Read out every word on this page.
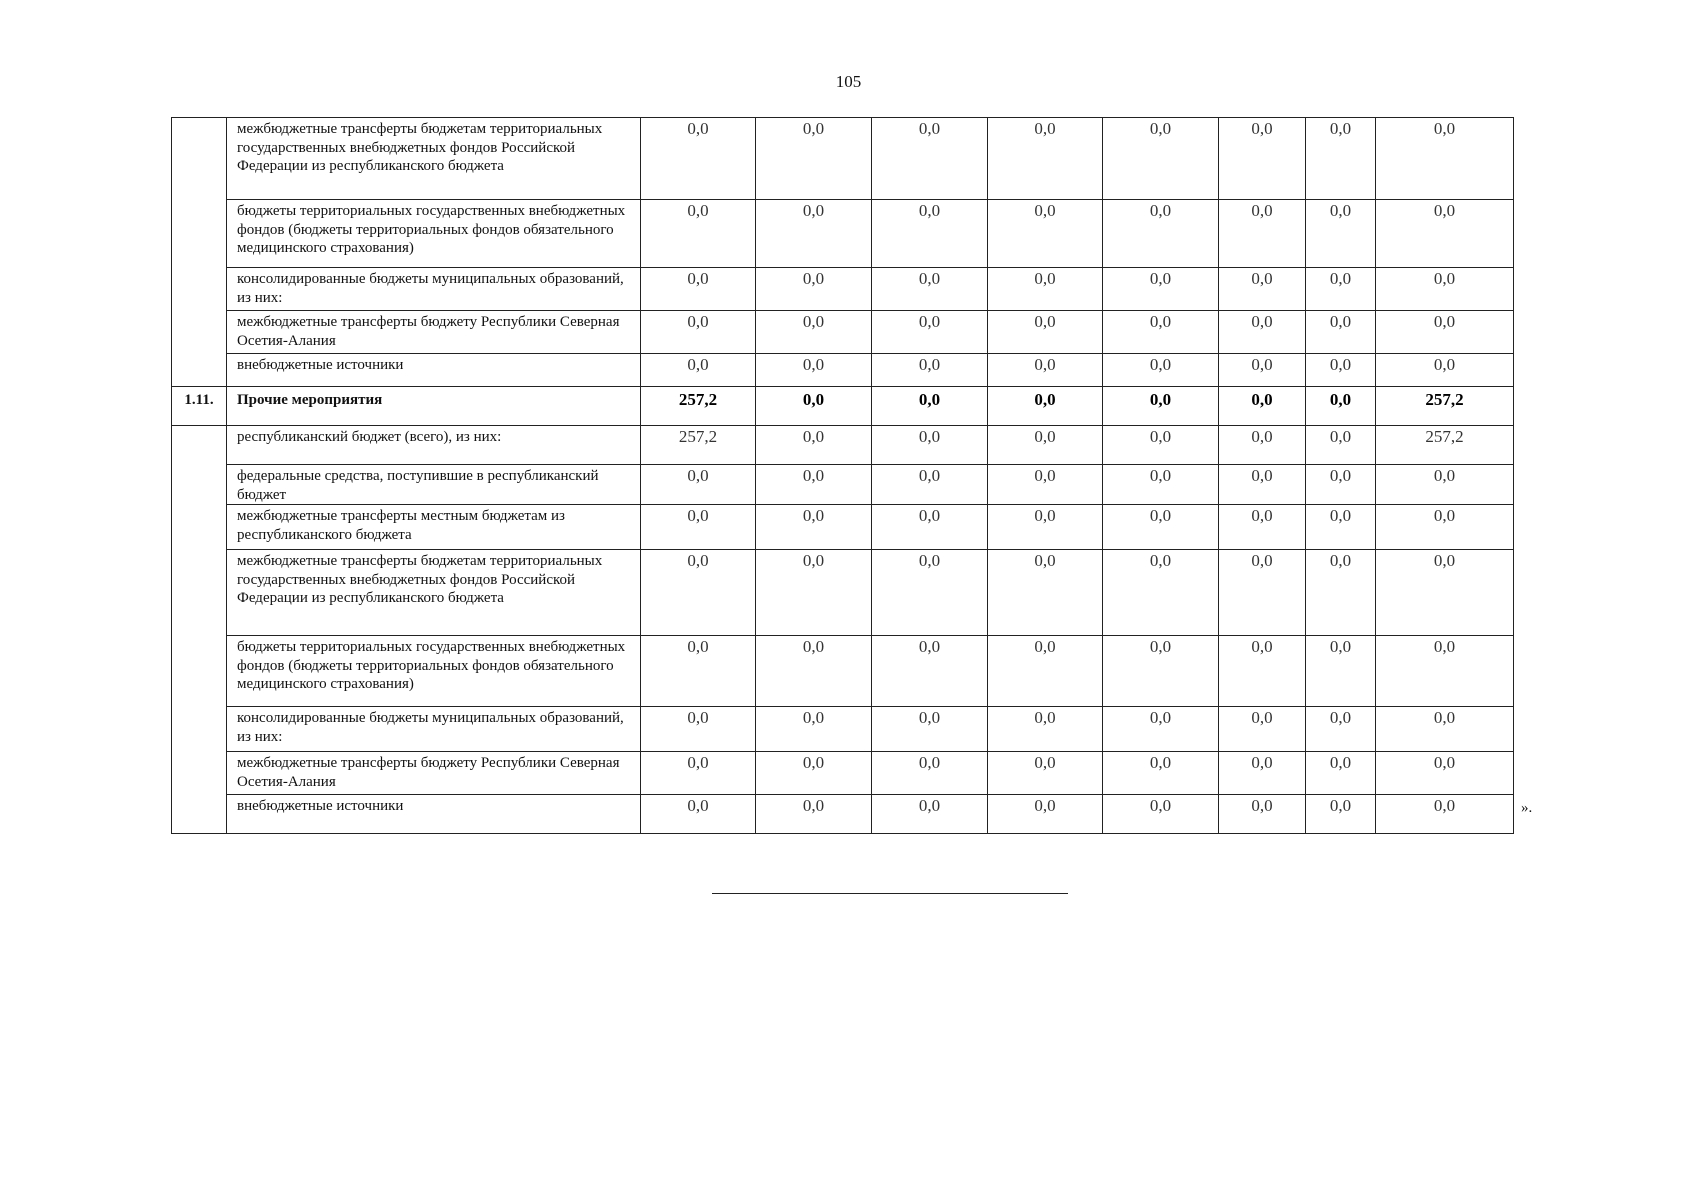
105
	межбюджетные трансферты бюджетам территориальных государственных внебюджетных фондов Российской Федерации из республиканского бюджета	0,0	0,0	0,0	0,0	0,0	0,0	0,0	0,0
	бюджеты территориальных государственных внебюджетных фондов (бюджеты территориальных фондов обязательного медицинского страхования)	0,0	0,0	0,0	0,0	0,0	0,0	0,0	0,0
	консолидированные бюджеты муниципальных образований, из них:	0,0	0,0	0,0	0,0	0,0	0,0	0,0	0,0
	межбюджетные трансферты бюджету Республики Северная Осетия-Алания	0,0	0,0	0,0	0,0	0,0	0,0	0,0	0,0
	внебюджетные источники	0,0	0,0	0,0	0,0	0,0	0,0	0,0	0,0
1.11.	Прочие мероприятия	257,2	0,0	0,0	0,0	0,0	0,0	0,0	257,2
	республиканский бюджет (всего), из них:	257,2	0,0	0,0	0,0	0,0	0,0	0,0	257,2
	федеральные средства, поступившие в республиканский бюджет	0,0	0,0	0,0	0,0	0,0	0,0	0,0	0,0
	межбюджетные трансферты местным бюджетам из республиканского бюджета	0,0	0,0	0,0	0,0	0,0	0,0	0,0	0,0
	межбюджетные трансферты бюджетам территориальных государственных внебюджетных фондов Российской Федерации из республиканского бюджета	0,0	0,0	0,0	0,0	0,0	0,0	0,0	0,0
	бюджеты территориальных государственных внебюджетных фондов (бюджеты территориальных фондов обязательного медицинского страхования)	0,0	0,0	0,0	0,0	0,0	0,0	0,0	0,0
	консолидированные бюджеты муниципальных образований, из них:	0,0	0,0	0,0	0,0	0,0	0,0	0,0	0,0
	межбюджетные трансферты бюджету Республики Северная Осетия-Алания	0,0	0,0	0,0	0,0	0,0	0,0	0,0	0,0
	внебюджетные источники	0,0	0,0	0,0	0,0	0,0	0,0	0,0	0,0	».
